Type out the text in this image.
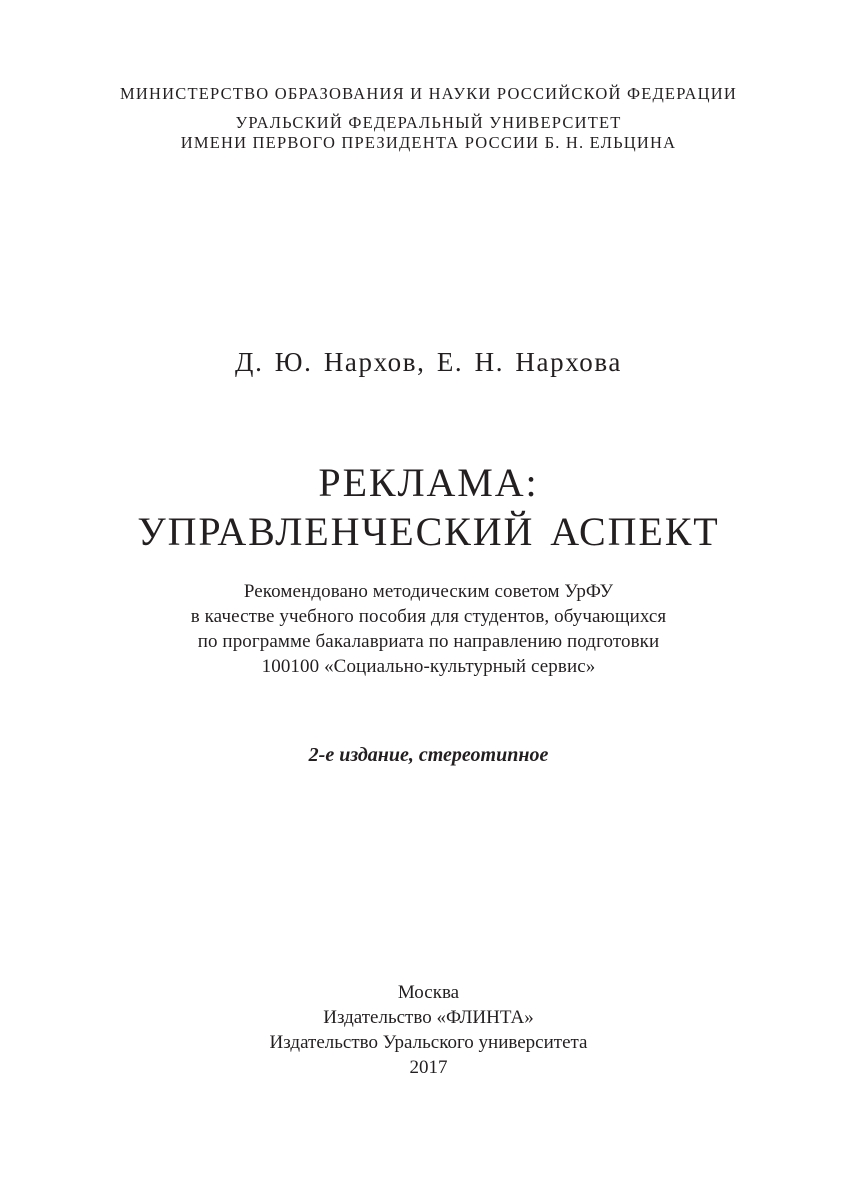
МИНИСТЕРСТВО ОБРАЗОВАНИЯ И НАУКИ РОССИЙСКОЙ ФЕДЕРАЦИИ

УРАЛЬСКИЙ ФЕДЕРАЛЬНЫЙ УНИВЕРСИТЕТ

ИМЕНИ ПЕРВОГО ПРЕЗИДЕНТА РОССИИ Б. Н. ЕЛЬЦИНА

Д. Ю. Нархов, Е. Н. Нархова

РЕКЛАМА:

УПРАВЛЕНЧЕСКИЙ АСПЕКТ

Рекомендовано методическим советом УрФУ

в качестве учебного пособия для студентов, обучающихся

по программе бакалавриата по направлению подготовки

100100 «Социально-культурный сервис»

2-е издание, стереотипное

Москва

Издательство «ФЛИНТА»

Издательство Уральского университета

2017
